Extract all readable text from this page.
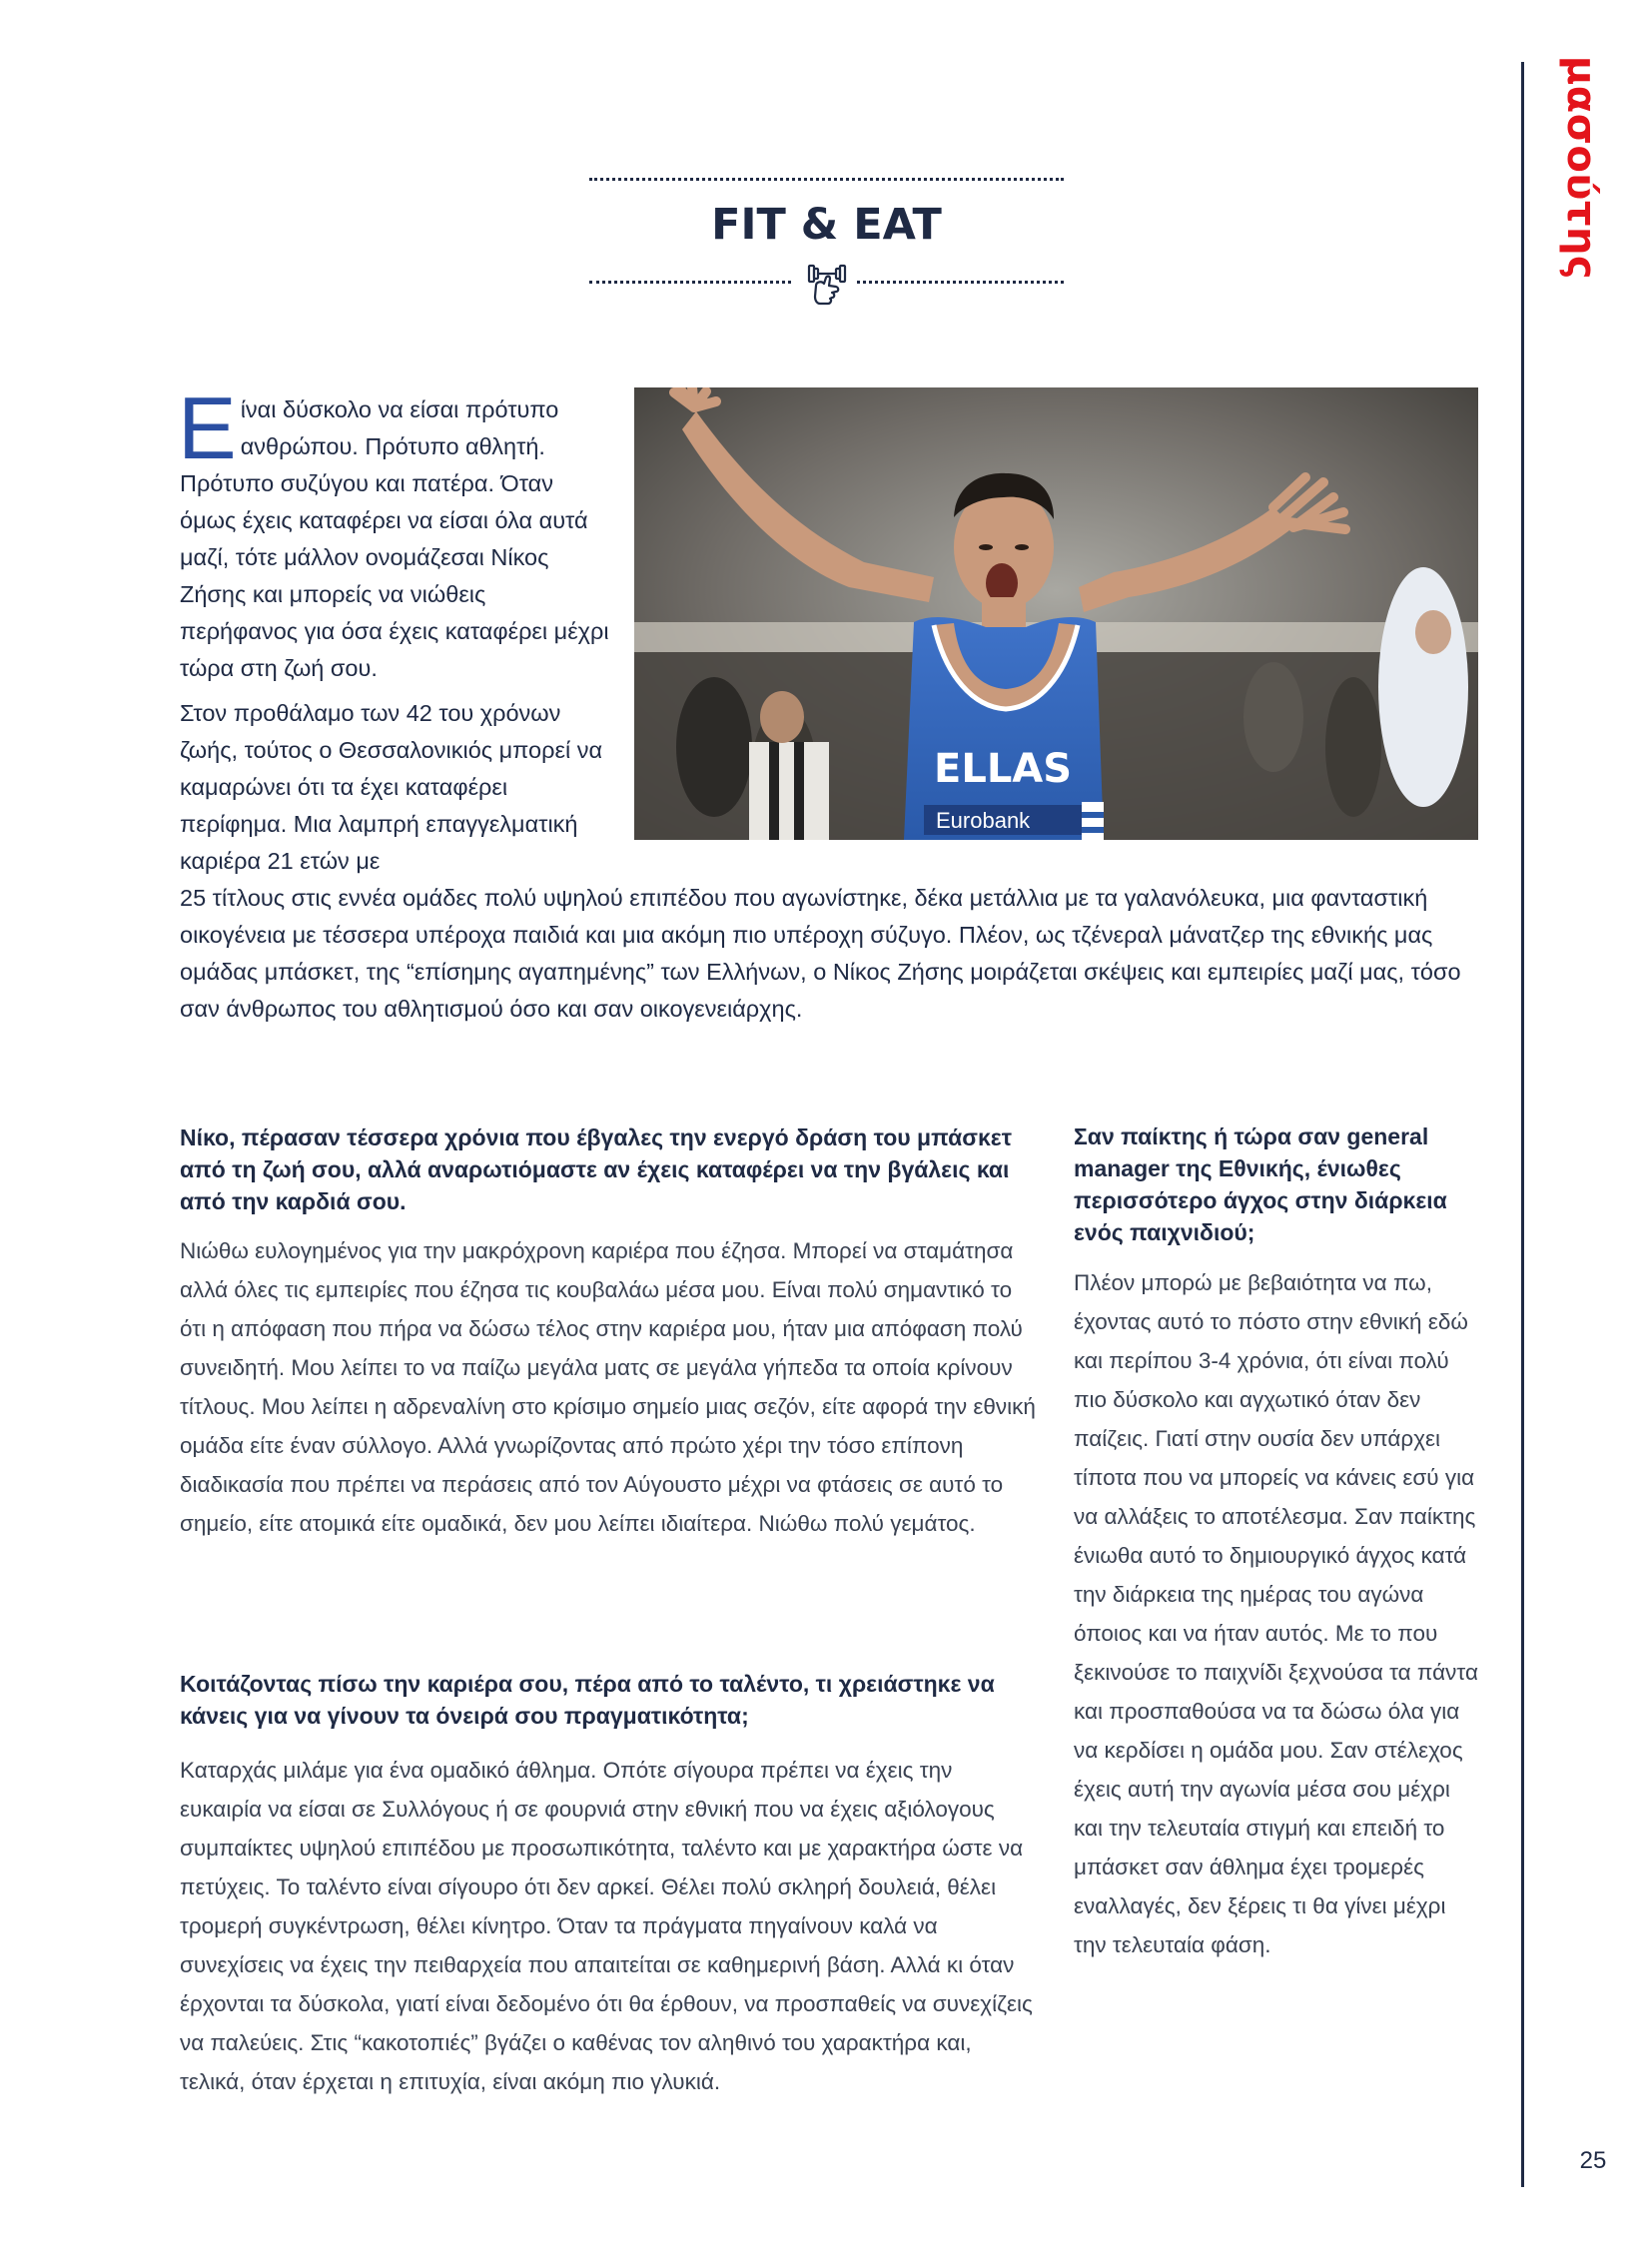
μασούτης
FIT & EAT
ELLAS
Eurobank

Είναι δύσκολο να είσαι πρότυπο ανθρώπου. Πρότυπο αθλητή. Πρότυπο συζύγου και πατέρα. Όταν όμως έχεις καταφέρει να είσαι όλα αυτά μαζί, τότε μάλλον ονομάζεσαι Νίκος Ζήσης και μπορείς να νιώθεις περήφανος για όσα έχεις καταφέρει μέχρι τώρα στη ζωή σου.

Στον προθάλαμο των 42 του χρόνων ζωής, τούτος ο Θεσσαλονικιός μπορεί να καμαρώνει ότι τα έχει καταφέρει περίφημα. Μια λαμπρή επαγγελματική καριέρα 21 ετών με

25 τίτλους στις εννέα ομάδες πολύ υψηλού επιπέδου που αγωνίστηκε, δέκα μετάλλια με τα γαλανόλευκα, μια φανταστική οικογένεια με τέσσερα υπέροχα παιδιά και μια ακόμη πιο υπέροχη σύζυγο. Πλέον, ως τζένεραλ μάνατζερ της εθνικής μας ομάδας μπάσκετ, της “επίσημης αγαπημένης” των Ελλήνων, ο Νίκος Ζήσης μοιράζεται σκέψεις και εμπειρίες μαζί μας, τόσο σαν άνθρωπος του αθλητισμού όσο και σαν οικογενειάρχης.

Νίκο, πέρασαν τέσσερα χρόνια που έβγαλες την ενεργό δράση του μπάσκετ από τη ζωή σου, αλλά αναρωτιόμαστε αν έχεις καταφέρει να την βγάλεις και από την καρδιά σου.

Νιώθω ευλογημένος για την μακρόχρονη καριέρα που έζησα. Μπορεί να σταμάτησα αλλά όλες τις εμπειρίες που έζησα τις κουβαλάω μέσα μου. Είναι πολύ σημαντικό το ότι η απόφαση που πήρα να δώσω τέλος στην καριέρα μου, ήταν μια απόφαση πολύ συνειδητή. Μου λείπει το να παίζω μεγάλα ματς σε μεγάλα γήπεδα τα οποία κρίνουν τίτλους. Μου λείπει η αδρεναλίνη στο κρίσιμο σημείο μιας σεζόν, είτε αφορά την εθνική ομάδα είτε έναν σύλλογο. Αλλά γνωρίζοντας από πρώτο χέρι την τόσο επίπονη διαδικασία που πρέπει να περάσεις από τον Αύγουστο μέχρι να φτάσεις σε αυτό το σημείο, είτε ατομικά είτε ομαδικά, δεν μου λείπει ιδιαίτερα. Νιώθω πολύ γεμάτος.

Κοιτάζοντας πίσω την καριέρα σου, πέρα από το ταλέντο, τι χρειάστηκε να κάνεις για να γίνουν τα όνειρά σου πραγματικότητα;

Καταρχάς μιλάμε για ένα ομαδικό άθλημα. Οπότε σίγουρα πρέπει να έχεις την ευκαιρία να είσαι σε Συλλόγους ή σε φουρνιά στην εθνική που να έχεις αξιόλογους συμπαίκτες υψηλού επιπέδου με προσωπικότητα, ταλέντο και με χαρακτήρα ώστε να πετύχεις. Το ταλέντο είναι σίγουρο ότι δεν αρκεί. Θέλει πολύ σκληρή δουλειά, θέλει τρομερή συγκέντρωση, θέλει κίνητρο. Όταν τα πράγματα πηγαίνουν καλά να συνεχίσεις να έχεις την πειθαρχεία που απαιτείται σε καθημερινή βάση. Αλλά κι όταν έρχονται τα δύσκολα, γιατί είναι δεδομένο ότι θα έρθουν, να προσπαθείς να συνεχίζεις να παλεύεις. Στις “κακοτοπιές” βγάζει ο καθένας τον αληθινό του χαρακτήρα και, τελικά, όταν έρχεται η επιτυχία, είναι ακόμη πιο γλυκιά.

Σαν παίκτης ή τώρα σαν general manager της Εθνικής, ένιωθες περισσότερο άγχος στην διάρκεια ενός παιχνιδιού;

Πλέον μπορώ με βεβαιότητα να πω, έχοντας αυτό το πόστο στην εθνική εδώ και περίπου 3-4 χρόνια, ότι είναι πολύ πιο δύσκολο και αγχωτικό όταν δεν παίζεις. Γιατί στην ουσία δεν υπάρχει τίποτα που να μπορείς να κάνεις εσύ για να αλλάξεις το αποτέλεσμα. Σαν παίκτης ένιωθα αυτό το δημιουργικό άγχος κατά την διάρκεια της ημέρας του αγώνα όποιος και να ήταν αυτός. Με το που ξεκινούσε το παιχνίδι ξεχνούσα τα πάντα και προσπαθούσα να τα δώσω όλα για να κερδίσει η ομάδα μου. Σαν στέλεχος έχεις αυτή την αγωνία μέσα σου μέχρι και την τελευταία στιγμή και επειδή το μπάσκετ σαν άθλημα έχει τρομερές εναλλαγές, δεν ξέρεις τι θα γίνει μέχρι την τελευταία φάση.

25
